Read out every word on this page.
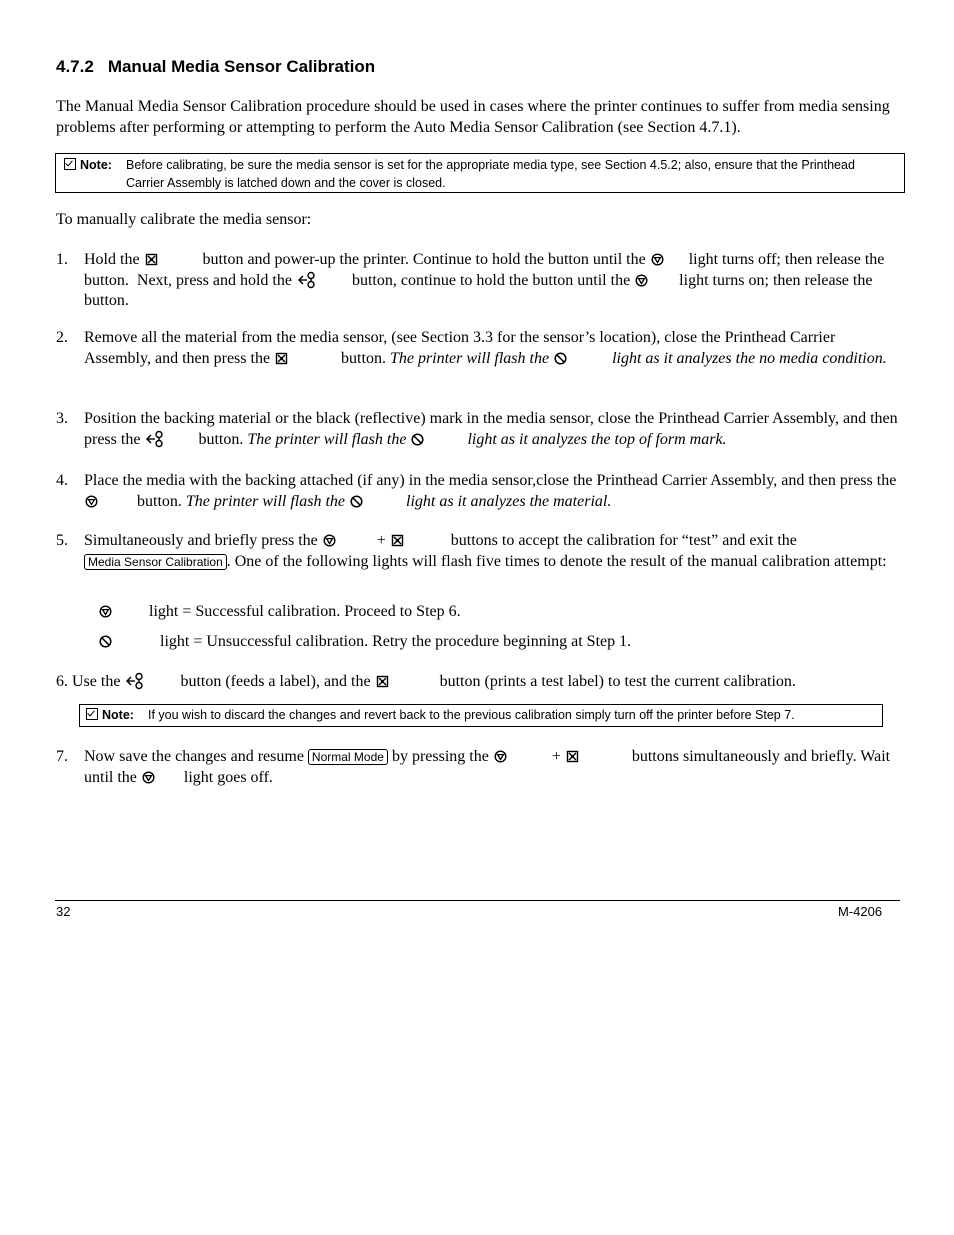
4.7.2 Manual Media Sensor Calibration
The Manual Media Sensor Calibration procedure should be used in cases where the printer continues to suffer from media sensing problems after performing or attempting to perform the Auto Media Sensor Calibration (see Section 4.7.1).
Note: Before calibrating, be sure the media sensor is set for the appropriate media type, see Section 4.5.2; also, ensure that the Printhead Carrier Assembly is latched down and the cover is closed.
To manually calibrate the media sensor:
1. Hold the	button and power-up the printer. Continue to hold the button until the	light turns off; then release the button.  Next, press and hold the	button, continue to hold the button until the	light turns on; then release the button.
2. Remove all the material from the media sensor, (see Section 3.3 for the sensor’s location), close the Printhead Carrier Assembly, and then press the	button. The printer will flash the	light as it analyzes the no media condition.
3. Position the backing material or the black (reflective) mark in the media sensor, close the Printhead Carrier Assembly, and then press the	button. The printer will flash the	light as it analyzes the top of form mark.
4. Place the media with the backing attached (if any) in the media sensor,close the Printhead Carrier Assembly, and then press the
button. The printer will flash the	light as it analyzes the material.
5. Simultaneously and briefly press the	+	buttons to accept the calibration for “test” and exit the Media Sensor Calibration . One of the following lights will flash five times to denote the result of the manual calibration attempt:
light = Successful calibration. Proceed to Step 6.
light = Unsuccessful calibration. Retry the procedure beginning at Step 1.
6. Use the	button (feeds a label), and the	button (prints a test label) to test the current calibration.
Note: If you wish to discard the changes and revert back to the previous calibration simply turn off the printer before Step 7.
7. Now save the changes and resume Normal Mode by pressing the	+	buttons simultaneously and briefly. Wait until the	light goes off.
32	M-4206
